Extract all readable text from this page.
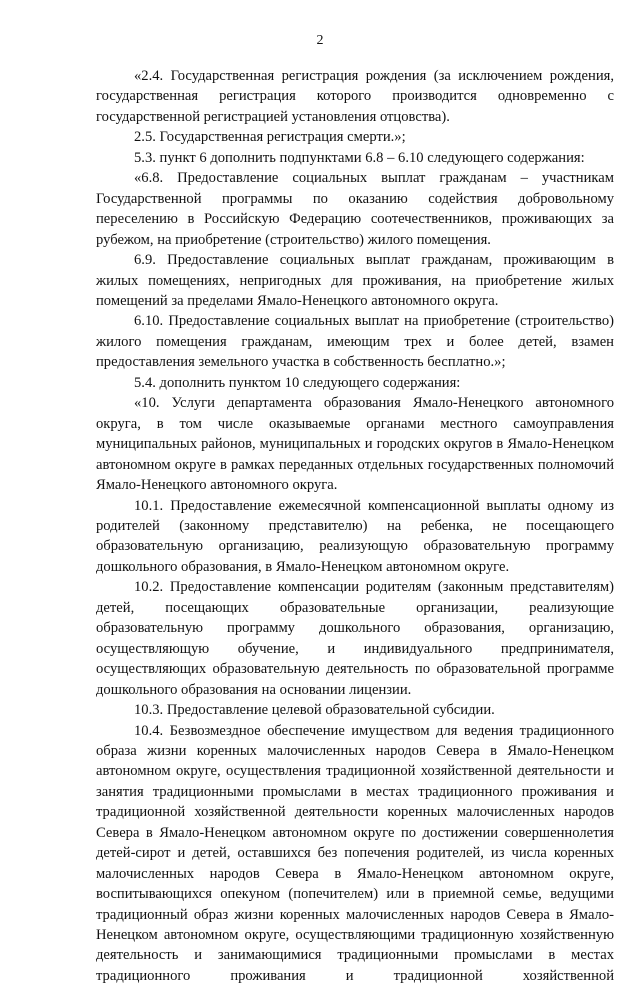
2

«2.4. Государственная регистрация рождения (за исключением рождения, государственная регистрация которого производится одновременно с государственной регистрацией установления отцовства).

2.5. Государственная регистрация смерти.»;

5.3. пункт 6 дополнить подпунктами 6.8 – 6.10 следующего содержания:

«6.8. Предоставление социальных выплат гражданам – участникам Государственной программы по оказанию содействия добровольному переселению в Российскую Федерацию соотечественников, проживающих за рубежом, на приобретение (строительство) жилого помещения.

6.9. Предоставление социальных выплат гражданам, проживающим в жилых помещениях, непригодных для проживания, на приобретение жилых помещений за пределами Ямало-Ненецкого автономного округа.

6.10. Предоставление социальных выплат на приобретение (строительство) жилого помещения гражданам, имеющим трех и более детей, взамен предоставления земельного участка в собственность бесплатно.»;

5.4. дополнить пунктом 10 следующего содержания:

«10. Услуги департамента образования Ямало-Ненецкого автономного округа, в том числе оказываемые органами местного самоуправления муниципальных районов, муниципальных и городских округов в Ямало-Ненецком автономном округе в рамках переданных отдельных государственных полномочий Ямало-Ненецкого автономного округа.

10.1. Предоставление ежемесячной компенсационной выплаты одному из родителей (законному представителю) на ребенка, не посещающего образовательную организацию, реализующую образовательную программу дошкольного образования, в Ямало-Ненецком автономном округе.

10.2. Предоставление компенсации родителям (законным представителям) детей, посещающих образовательные организации, реализующие образовательную программу дошкольного образования, организацию, осуществляющую обучение, и индивидуального предпринимателя, осуществляющих образовательную деятельность по образовательной программе дошкольного образования на основании лицензии.

10.3. Предоставление целевой образовательной субсидии.

10.4. Безвозмездное обеспечение имуществом для ведения традиционного образа жизни коренных малочисленных народов Севера в Ямало-Ненецком автономном округе, осуществления традиционной хозяйственной деятельности и занятия традиционными промыслами в местах традиционного проживания и традиционной хозяйственной деятельности коренных малочисленных народов Севера в Ямало-Ненецком автономном округе по достижении совершеннолетия детей-сирот и детей, оставшихся без попечения родителей, из числа коренных малочисленных народов Севера в Ямало-Ненецком автономном округе, воспитывающихся опекуном (попечителем) или в приемной семье, ведущими традиционный образ жизни коренных малочисленных народов Севера в Ямало-Ненецком автономном округе, осуществляющими традиционную хозяйственную деятельность и занимающимися традиционными промыслами в местах традиционного проживания и традиционной хозяйственной
